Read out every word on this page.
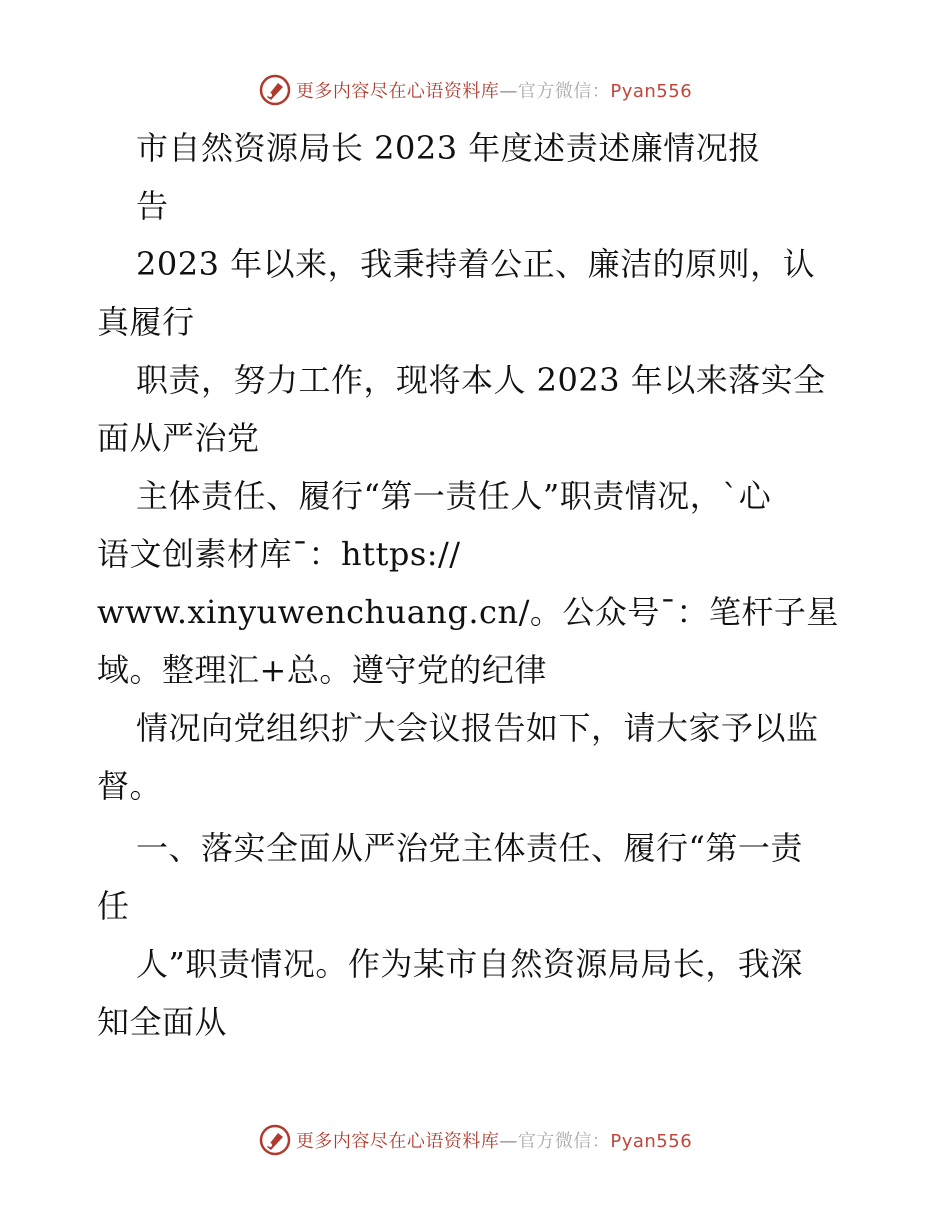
更多内容尽在心语资料库—官方微信：Pyan556
市自然资源局长 2023 年度述责述廉情况报
告
2023 年以来，我秉持着公正、廉洁的原则，认
真履行
职责，努力工作，现将本人 2023 年以来落实全
面从严治党
主体责任、履行“第一责任人”职责情况，`心
语文创素材库¯：https://
www.xinyuwenchuang.cn/。公众号¯：笔杆子星
域。整理汇+总。遵守党的纪律
情况向党组织扩大会议报告如下，请大家予以监
督。
一、落实全面从严治党主体责任、履行“第一责
任
人”职责情况。作为某市自然资源局局长，我深
知全面从
更多内容尽在心语资料库—官方微信：Pyan556
